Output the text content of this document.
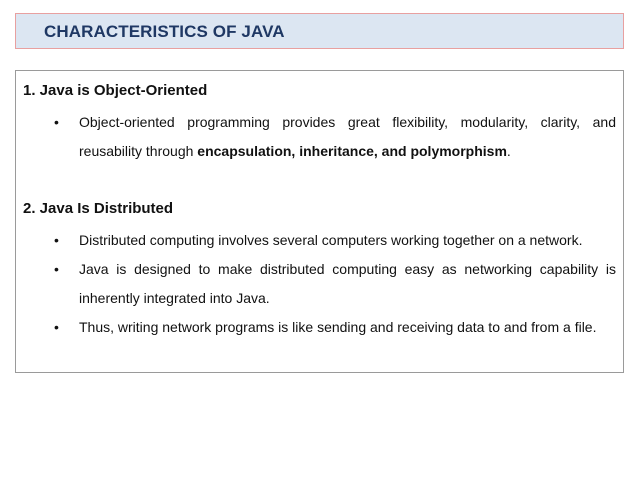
CHARACTERISTICS OF JAVA
1. Java is Object-Oriented
•	Object-oriented programming provides great flexibility, modularity, clarity, and reusability through encapsulation, inheritance, and polymorphism.
2. Java Is Distributed
•	Distributed computing involves several computers working together on a network.
•	Java is designed to make distributed computing easy as networking capability is inherently integrated into Java.
•	Thus, writing network programs is like sending and receiving data to and from a file.
